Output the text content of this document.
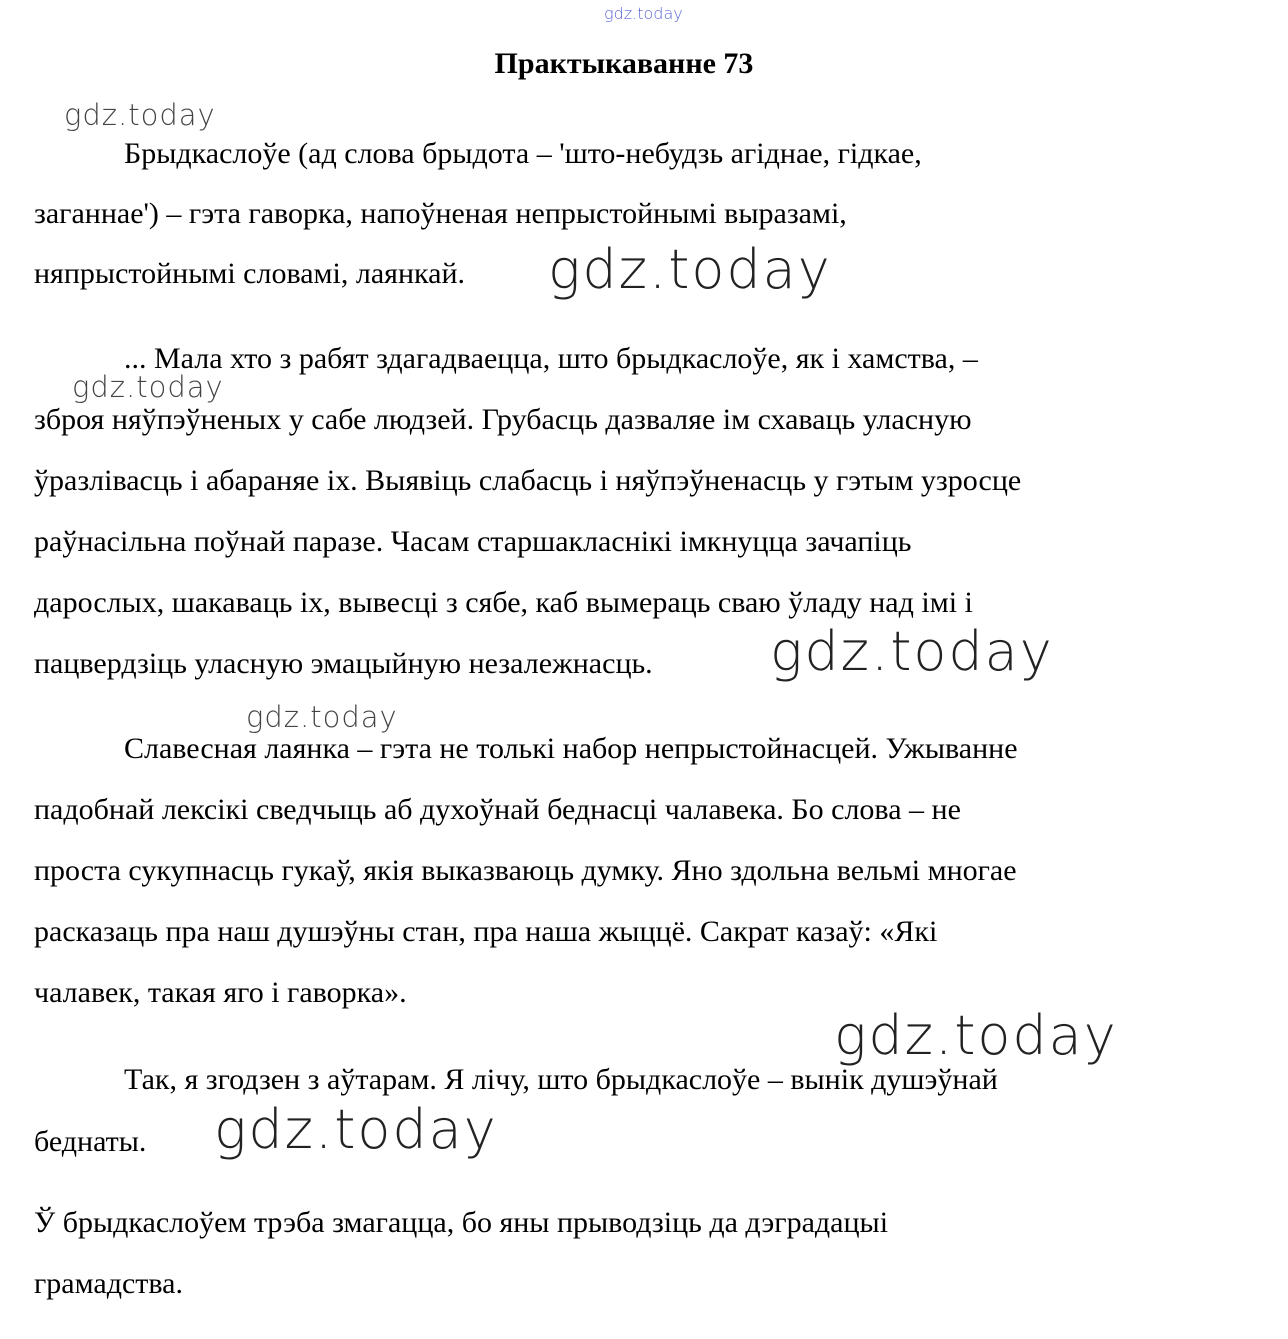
gdz.today
Практыкаванне 73
Брыдкаслоўе (ад слова брыдота – 'што-небудзь агіднае, гідкае,
заганнае') – гэта гаворка, напоўненая непрыстойнымі выразамі,
няпрыстойнымі словамі, лаянкай.
... Мала хто з рабят здагадваецца, што брыдкаслоўе, як і хамства, –
зброя няўпэўненых у сабе людзей. Грубасць дазваляе ім схаваць уласную
ўразлівасць і абараняе іх. Выявіць слабасць і няўпэўненасць у гэтым узросце
раўнасільна поўнай паразе. Часам старшакласнікі імкнуцца зачапіць
дарослых, шакаваць іх, вывесці з сябе, каб вымераць сваю ўладу над імі і
пацвердзіць уласную эмацыйную незалежнасць.
Славесная лаянка – гэта не толькі набор непрыстойнасцей. Ужыванне
падобнай лексікі сведчыць аб духоўнай беднасці чалавека. Бо слова – не
проста сукупнасць гукаў, якія выказваюць думку. Яно здольна вельмі многае
расказаць пра наш душэўны стан, пра наша жыццё. Сакрат казаў: «Які
чалавек, такая яго і гаворка».
Так, я згодзен з аўтарам. Я лічу, што брыдкаслоўе – вынік душэўнай
беднаты.
Ў брыдкаслоўем трэба змагацца, бо яны прыводзіць да дэградацыі
грамадства.
gdz.today
gdz.today
gdz.today
gdz.today
gdz.today
gdz.today
gdz.today
